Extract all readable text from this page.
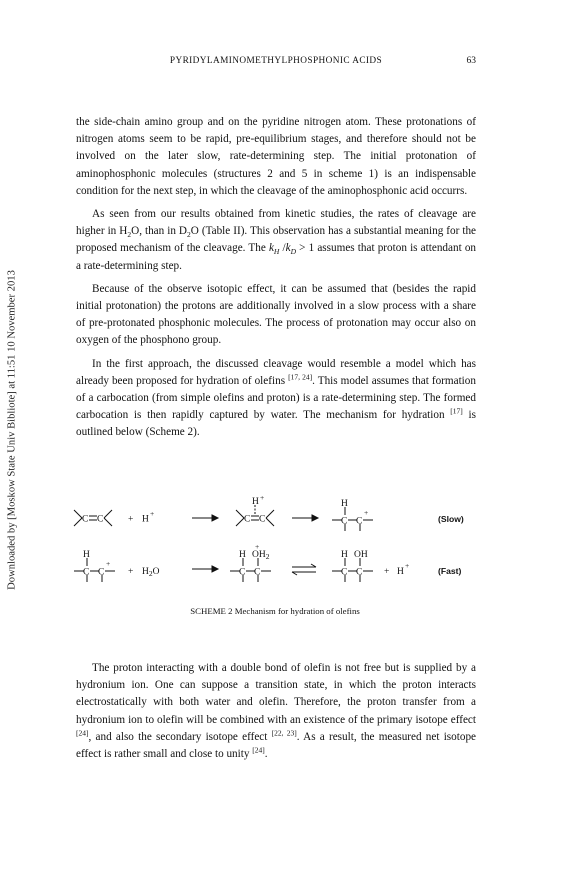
Downloaded by [Moskow State Univ Bibliote] at 11:51 10 November 2013
PYRIDYLAMINOMETHYLPHOSPHONIC ACIDS	63

the side-chain amino group and on the pyridine nitrogen atom. These protonations of nitrogen atoms seem to be rapid, pre-equilibrium stages, and therefore should not be involved on the later slow, rate-determining step. The initial protonation of aminophosphonic molecules (structures 2 and 5 in scheme 1) is an indispensable condition for the next step, in which the cleavage of the aminophosphonic acid occurrs.

As seen from our results obtained from kinetic studies, the rates of cleavage are higher in $H_2O$, than in $D_2O$ (Table II). This observation has a substantial meaning for the proposed mechanism of the cleavage. The $k_H$ $/k_D > 1$ assumes that proton is attendant on a rate-determining step.

Because of the observe isotopic effect, it can be assumed that (besides the rapid initial protonation) the protons are additionally involved in a slow process with a share of pre-protonated phosphonic molecules. The process of protonation may occur also on oxygen of the phosphono group.

In the first approach, the discussed cleavage would resemble a model which has already been proposed for hydration of olefins [17, 24]. This model assumes that formation of a carbocation (from simple olefins and proton) is a rate-determining step. The formed carbocation is then rapidly captured by water. The mechanism for hydration [17] is outlined below (Scheme 2).

C C	+ H
+
C C
H +
H
C C
+
(Slow)
H
C C
+
+ $H_2O$
H $OH_2$
+
C C
H OH
C C + H
+
(Fast)
SCHEME 2 Mechanism for hydration of olefins

The proton interacting with a double bond of olefin is not free but is supplied by a hydronium ion. One can suppose a transition state, in which the proton interacts electrostatically with both water and olefin. Therefore, the proton transfer from a hydronium ion to olefin will be combined with an existence of the primary isotope effect [24], and also the secondary isotope effect [22, 23]. As a result, the measured net isotope effect is rather small and close to unity [24].
